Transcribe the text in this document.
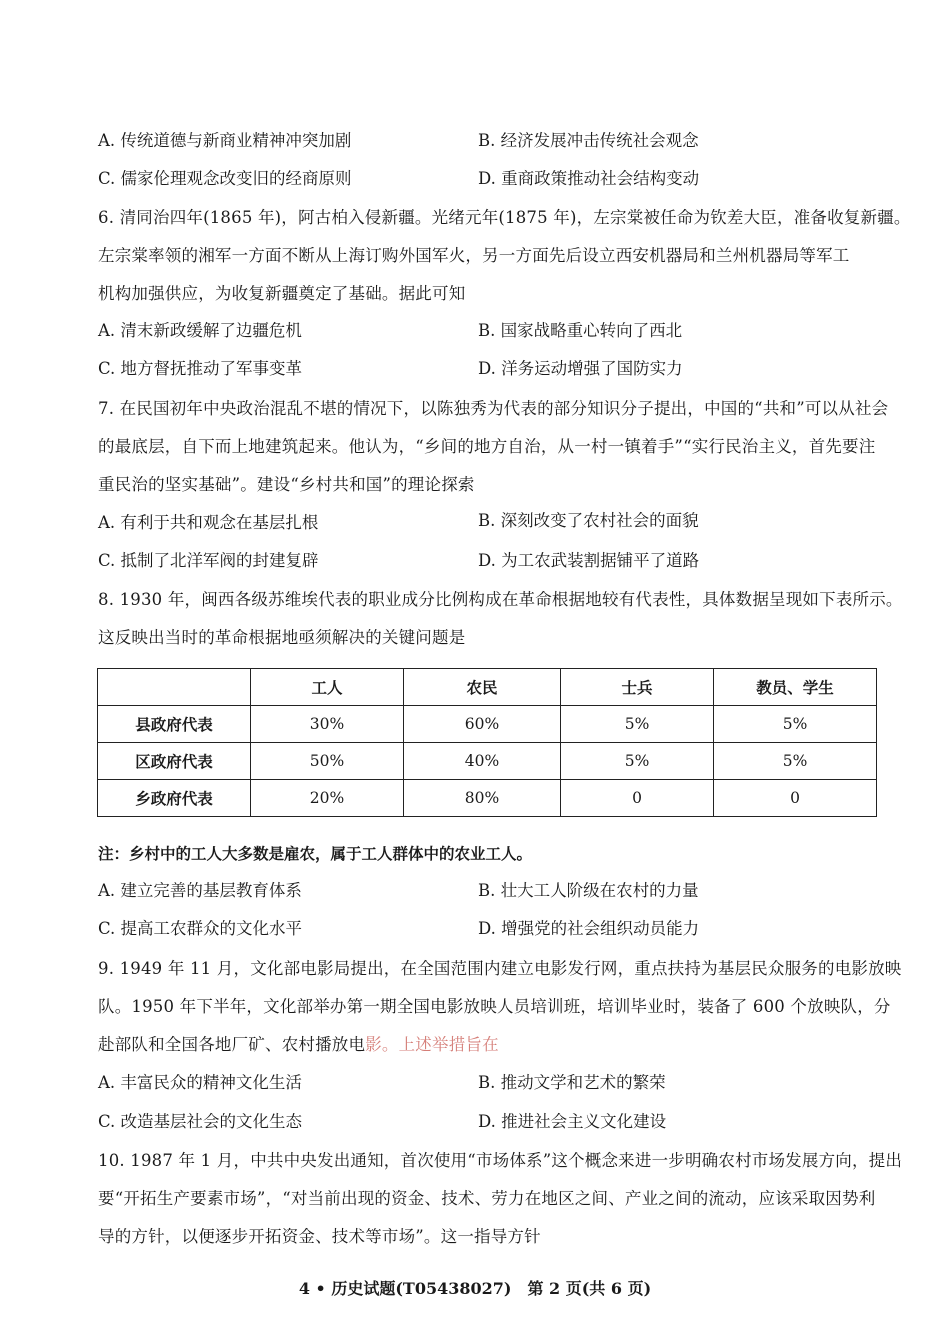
A. 传统道德与新商业精神冲突加剧	B. 经济发展冲击传统社会观念
C. 儒家伦理观念改变旧的经商原则	D. 重商政策推动社会结构变动
6. 清同治四年(1865 年)，阿古柏入侵新疆。光绪元年(1875 年)，左宗棠被任命为钦差大臣，准备收复新疆。
左宗棠率领的湘军一方面不断从上海订购外国军火，另一方面先后设立西安机器局和兰州机器局等军工
机构加强供应，为收复新疆奠定了基础。据此可知
A. 清末新政缓解了边疆危机	B. 国家战略重心转向了西北
C. 地方督抚推动了军事变革	D. 洋务运动增强了国防实力
7. 在民国初年中央政治混乱不堪的情况下，以陈独秀为代表的部分知识分子提出，中国的“共和”可以从社会
的最底层，自下而上地建筑起来。他认为，“乡间的地方自治，从一村一镇着手”“实行民治主义，首先要注
重民治的坚实基础”。建设“乡村共和国”的理论探索
A. 有利于共和观念在基层扎根	B. 深刻改变了农村社会的面貌
C. 抵制了北洋军阀的封建复辟	D. 为工农武装割据铺平了道路
8. 1930 年，闽西各级苏维埃代表的职业成分比例构成在革命根据地较有代表性，具体数据呈现如下表所示。
这反映出当时的革命根据地亟须解决的关键问题是
	工人	农民	士兵	教员、学生
县政府代表	30%	60%	5%	5%
区政府代表	50%	40%	5%	5%
乡政府代表	20%	80%	0	0
注：乡村中的工人大多数是雇农，属于工人群体中的农业工人。
A. 建立完善的基层教育体系	B. 壮大工人阶级在农村的力量
C. 提高工农群众的文化水平	D. 增强党的社会组织动员能力
9. 1949 年 11 月，文化部电影局提出，在全国范围内建立电影发行网，重点扶持为基层民众服务的电影放映
队。1950 年下半年，文化部举办第一期全国电影放映人员培训班，培训毕业时，装备了 600 个放映队，分
赴部队和全国各地厂矿、农村播放电影。上述举措旨在
A. 丰富民众的精神文化生活	B. 推动文学和艺术的繁荣
C. 改造基层社会的文化生态	D. 推进社会主义文化建设
10. 1987 年 1 月，中共中央发出通知，首次使用“市场体系”这个概念来进一步明确农村市场发展方向，提出
要“开拓生产要素市场”，“对当前出现的资金、技术、劳力在地区之间、产业之间的流动，应该采取因势利
导的方针，以便逐步开拓资金、技术等市场”。这一指导方针
4 • 历史试题(T05438027)　第 2 页(共 6 页)
